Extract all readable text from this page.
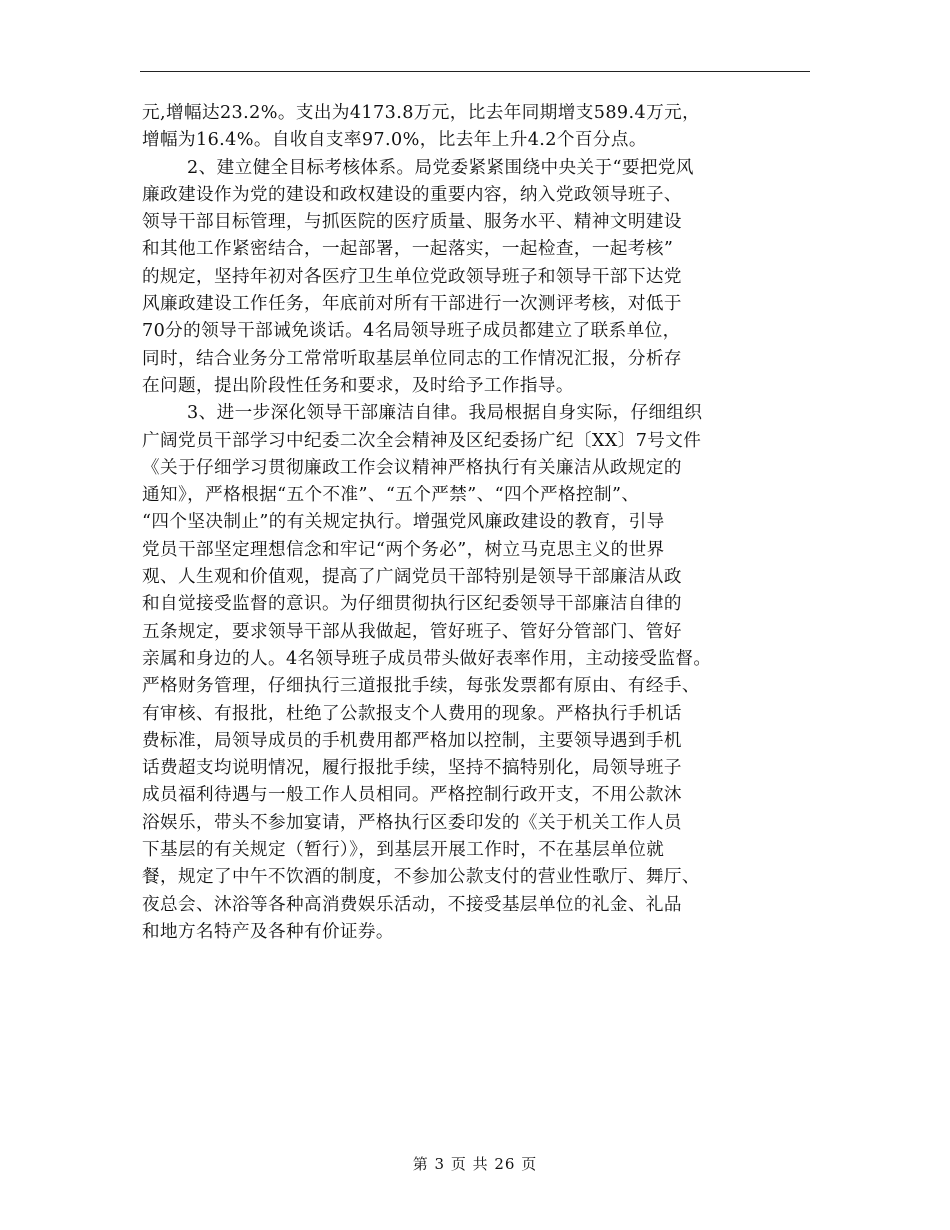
元,增幅达23.2%。支出为4173.8万元，比去年同期增支589.4万元，
增幅为16.4%。自收自支率97.0%，比去年上升4.2个百分点。
2、建立健全目标考核体系。局党委紧紧围绕中央关于“要把党风
廉政建设作为党的建设和政权建设的重要内容，纳入党政领导班子、
领导干部目标管理，与抓医院的医疗质量、服务水平、精神文明建设
和其他工作紧密结合，一起部署，一起落实，一起检查，一起考核”
的规定，坚持年初对各医疗卫生单位党政领导班子和领导干部下达党
风廉政建设工作任务，年底前对所有干部进行一次测评考核，对低于
70分的领导干部诫免谈话。4名局领导班子成员都建立了联系单位，
同时，结合业务分工常常听取基层单位同志的工作情况汇报，分析存
在问题，提出阶段性任务和要求，及时给予工作指导。
3、进一步深化领导干部廉洁自律。我局根据自身实际，仔细组织
广阔党员干部学习中纪委二次全会精神及区纪委扬广纪〔XX〕7号文件
《关于仔细学习贯彻廉政工作会议精神严格执行有关廉洁从政规定的
通知》，严格根据“五个不准”、“五个严禁”、“四个严格控制”、
“四个坚决制止”的有关规定执行。增强党风廉政建设的教育，引导
党员干部坚定理想信念和牢记“两个务必”，树立马克思主义的世界
观、人生观和价值观，提高了广阔党员干部特别是领导干部廉洁从政
和自觉接受监督的意识。为仔细贯彻执行区纪委领导干部廉洁自律的
五条规定，要求领导干部从我做起，管好班子、管好分管部门、管好
亲属和身边的人。4名领导班子成员带头做好表率作用，主动接受监督。
严格财务管理，仔细执行三道报批手续，每张发票都有原由、有经手、
有审核、有报批，杜绝了公款报支个人费用的现象。严格执行手机话
费标准，局领导成员的手机费用都严格加以控制，主要领导遇到手机
话费超支均说明情况，履行报批手续，坚持不搞特别化，局领导班子
成员福利待遇与一般工作人员相同。严格控制行政开支，不用公款沐
浴娱乐，带头不参加宴请，严格执行区委印发的《关于机关工作人员
下基层的有关规定（暂行）》，到基层开展工作时，不在基层单位就
餐，规定了中午不饮酒的制度，不参加公款支付的营业性歌厅、舞厅、
夜总会、沐浴等各种高消费娱乐活动，不接受基层单位的礼金、礼品
和地方名特产及各种有价证券。
第 3 页 共 26 页
